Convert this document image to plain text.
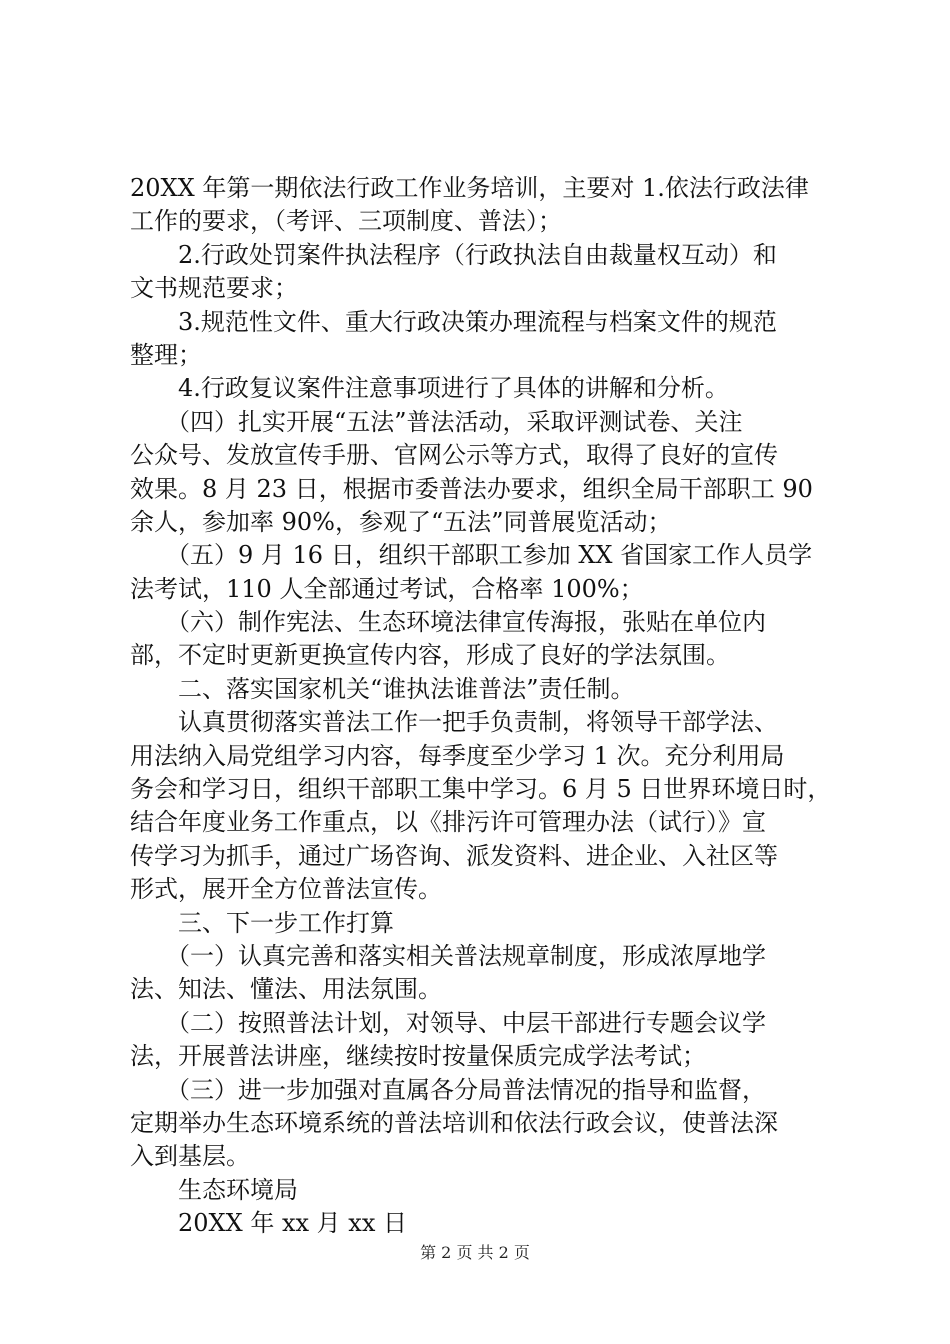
20XX 年第一期依法行政工作业务培训，主要对 1.依法行政法律
工作的要求，（考评、三项制度、普法）；
　　2.行政处罚案件执法程序（行政执法自由裁量权互动）和
文书规范要求；
　　3.规范性文件、重大行政决策办理流程与档案文件的规范
整理；
　　4.行政复议案件注意事项进行了具体的讲解和分析。
　　（四）扎实开展“五法”普法活动，采取评测试卷、关注
公众号、发放宣传手册、官网公示等方式，取得了良好的宣传
效果。8 月 23 日，根据市委普法办要求，组织全局干部职工 90
余人，参加率 90%，参观了“五法”同普展览活动；
　　（五）9 月 16 日，组织干部职工参加 XX 省国家工作人员学
法考试，110 人全部通过考试，合格率 100%；
　　（六）制作宪法、生态环境法律宣传海报，张贴在单位内
部，不定时更新更换宣传内容，形成了良好的学法氛围。
　　二、落实国家机关“谁执法谁普法”责任制。
　　认真贯彻落实普法工作一把手负责制，将领导干部学法、
用法纳入局党组学习内容，每季度至少学习 1 次。充分利用局
务会和学习日，组织干部职工集中学习。6 月 5 日世界环境日时，
结合年度业务工作重点，以《排污许可管理办法（试行）》宣
传学习为抓手，通过广场咨询、派发资料、进企业、入社区等
形式，展开全方位普法宣传。
　　三、下一步工作打算
　　（一）认真完善和落实相关普法规章制度，形成浓厚地学
法、知法、懂法、用法氛围。
　　（二）按照普法计划，对领导、中层干部进行专题会议学
法，开展普法讲座，继续按时按量保质完成学法考试；
　　（三）进一步加强对直属各分局普法情况的指导和监督，
定期举办生态环境系统的普法培训和依法行政会议，使普法深
入到基层。
　　生态环境局
　　20XX 年 xx 月 xx 日
第 2 页 共 2 页
